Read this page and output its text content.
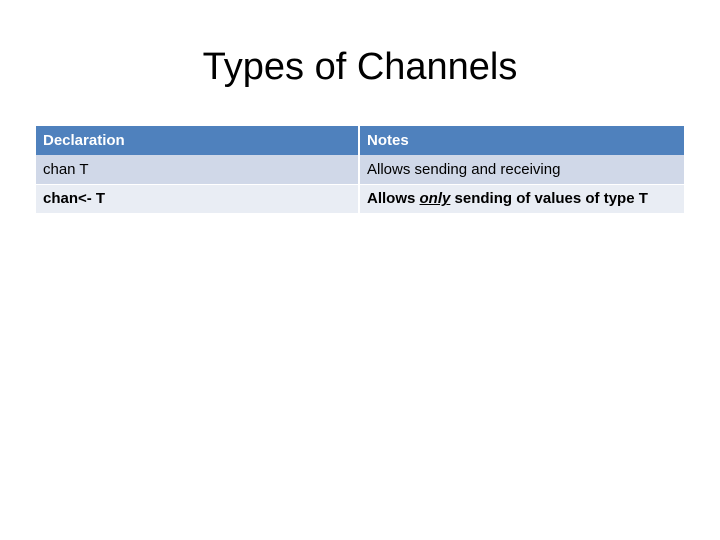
Types of Channels
Declaration	Notes
chan T	Allows sending and receiving
chan<- T	Allows only sending of values of type T
